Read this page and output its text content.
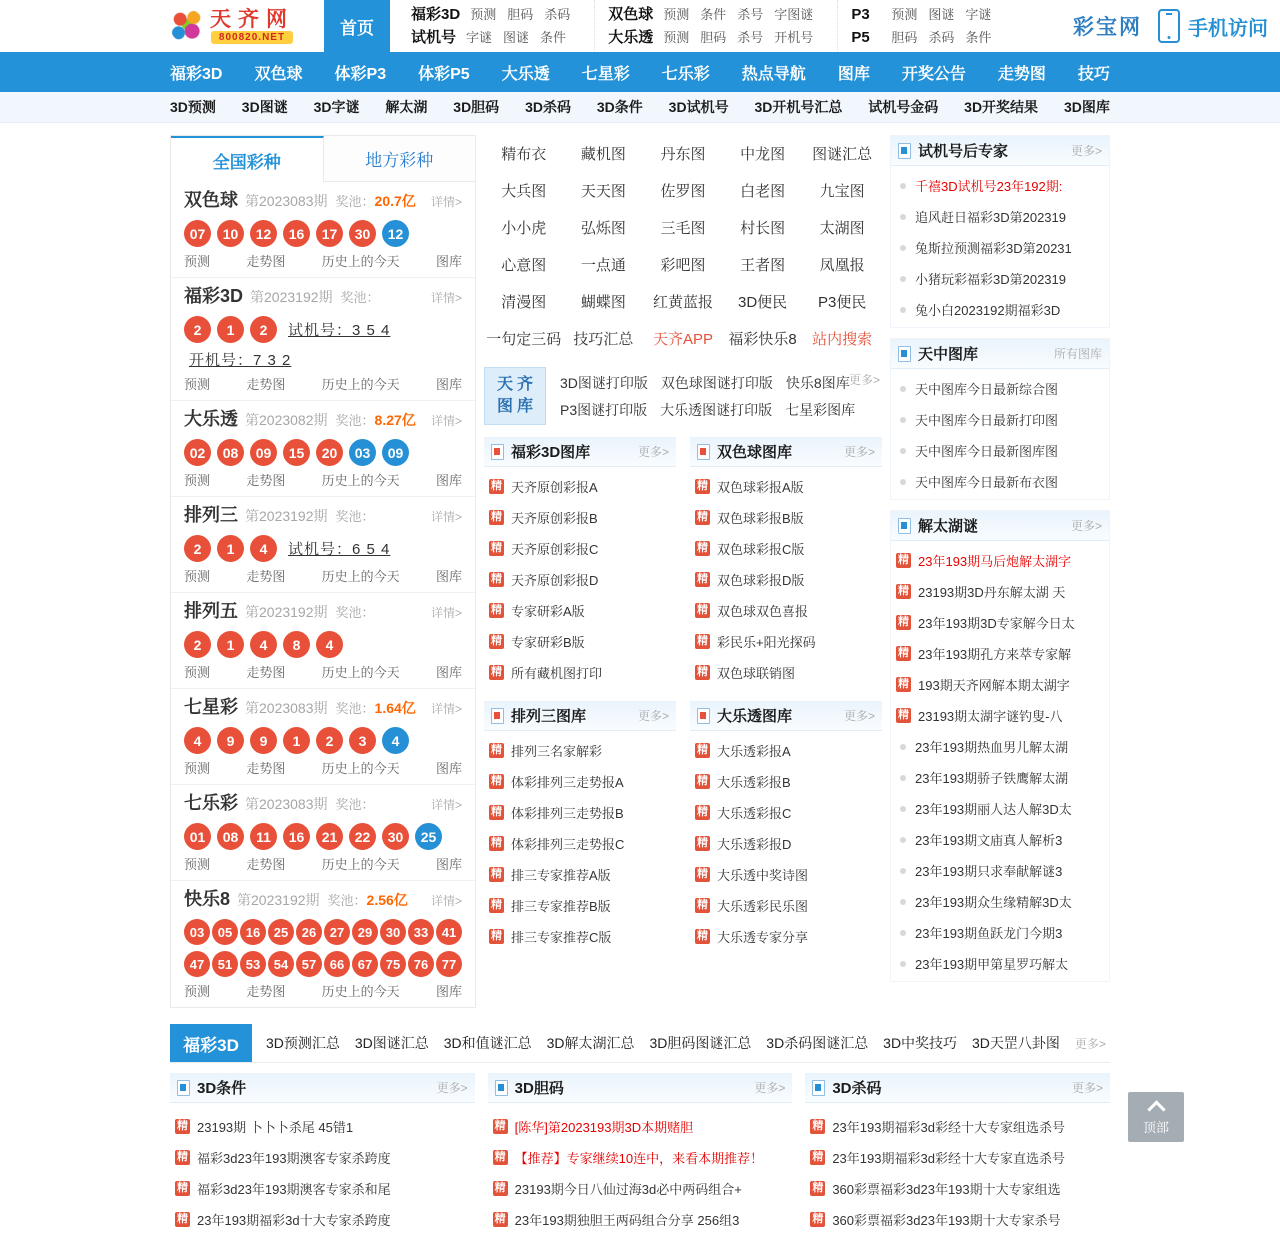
天齐网
800820.NET	首页
福彩3D 预测 胆码 杀码
试机号 字谜 图谜 条件
双色球 预测 条件 杀号 字图谜
大乐透 预测 胆码 杀号 开机号
P3	预测 图谜 字谜
P5	胆码 杀码 条件	彩宝网 手机访问
福彩3D 双色球 体彩P3 体彩P5 大乐透 七星彩 七乐彩 热点导航 图库 开奖公告 走势图 技巧
3D预测 3D图谜 3D字谜 解太湖 3D胆码 3D杀码 3D条件 3D试机号 3D开机号汇总 试机号金码 3D开奖结果 3D图库
全国彩种	地方彩种
双色球 第2023083期 奖池：20.7亿 详情>
07	10	12	16	17	30	12
预测	走势图	历史上的今天	图库
福彩3D 第2023192期 奖池：	详情>
2	1	2	试机号：3 5 4
开机号：7 3 2
预测	走势图	历史上的今天	图库
大乐透 第2023082期 奖池：8.27亿 详情>
02	08	09	15	20	03	09
预测	走势图	历史上的今天	图库
排列三 第2023192期 奖池：	详情>
2	1	4	试机号：6 5 4
预测	走势图	历史上的今天	图库
排列五 第2023192期 奖池：	详情>
2	1	4	8	4
预测	走势图	历史上的今天	图库
七星彩 第2023083期 奖池：1.64亿 详情>
4	9	9	1	2	3	4
预测	走势图	历史上的今天	图库
七乐彩 第2023083期 奖池：	详情>
01	08	11	16	21	22	30	25
预测	走势图	历史上的今天	图库
快乐8 第2023192期 奖池：2.56亿 详情>
03	05	16	25	26	27	29	30	33	41
47	51	53	54	57	66	67	75	76	77
预测	走势图	历史上的今天	图库
精布衣	藏机图	丹东图	中龙图	图谜汇总
大兵图	天天图	佐罗图	白老图	九宝图
小小虎	弘烁图	三毛图	村长图	太湖图
心意图	一点通	彩吧图	王者图	凤凰报
清漫图	蝴蝶图	红黄蓝报	3D便民	P3便民
一句定三码 技巧汇总	天齐APP	福彩快乐8	站内搜索
天齐
图库
3D图谜打印版 双色球图谜打印版 快乐8图库
P3图谜打印版 大乐透图谜打印版 七星彩图库
更多>
福彩3D图库	更多>
精 天齐原创彩报A
精 天齐原创彩报B
精 天齐原创彩报C
精 天齐原创彩报D
精 专家研彩A版
精 专家研彩B版
精 所有藏机图打印
双色球图库	更多>
精 双色球彩报A版
精 双色球彩报B版
精 双色球彩报C版
精 双色球彩报D版
精 双色球双色喜报
精 彩民乐+阳光探码
精 双色球联销图
排列三图库	更多>
精 排列三名家解彩
精 体彩排列三走势报A
精 体彩排列三走势报B
精 体彩排列三走势报C
精 排三专家推荐A版
精 排三专家推荐B版
精 排三专家推荐C版
大乐透图库	更多>
精 大乐透彩报A
精 大乐透彩报B
精 大乐透彩报C
精 大乐透彩报D
精 大乐透中奖诗图
精 大乐透彩民乐图
精 大乐透专家分享
试机号后专家	更多>
千禧3D试机号23年192期:
追风赶日福彩3D第202319
兔斯拉预测福彩3D第20231
小猪玩彩福彩3D第202319
兔小白2023192期福彩3D
天中图库	所有图库
天中图库今日最新综合图
天中图库今日最新打印图
天中图库今日最新图库图
天中图库今日最新布衣图
解太湖谜	更多>
精 23年193期马后炮解太湖字
精 23193期3D丹东解太湖 天
精 23年193期3D专家解今日太
精 23年193期孔方来萃专家解
精 193期天齐网解本期太湖字
精 23193期太湖字谜钓叟-八
23年193期热血男儿解太湖
23年193期骄子铁鹰解太湖
23年193期丽人达人解3D太
23年193期文庙真人解析3
23年193期只求奉献解谜3
23年193期众生缘精解3D太
23年193期鱼跃龙门今期3
23年193期甲第星罗巧解太
福彩3D	3D预测汇总 3D图谜汇总 3D和值谜汇总 3D解太湖汇总 3D胆码图谜汇总 3D杀码图谜汇总 3D中奖技巧 3D天罡八卦图 更多>
3D条件	更多>
精 23193期 卜卜卜杀尾 45错1
精 福彩3d23年193期澳客专家杀跨度
精 福彩3d23年193期澳客专家杀和尾
精 23年193期福彩3d十大专家杀跨度
3D胆码	更多>
精 [陈华]第2023193期3D本期赌胆
精 【推荐】专家继续10连中，来看本期推荐！
精 23193期今日八仙过海3d必中两码组合+
精 23年193期独胆王两码组合分享 256组3
3D杀码	更多>
精 23年193期福彩3d彩经十大专家组选杀号
精 23年193期福彩3d彩经十大专家直选杀号
精 360彩票福彩3d23年193期十大专家组选
精 360彩票福彩3d23年193期十大专家杀号
顶部
